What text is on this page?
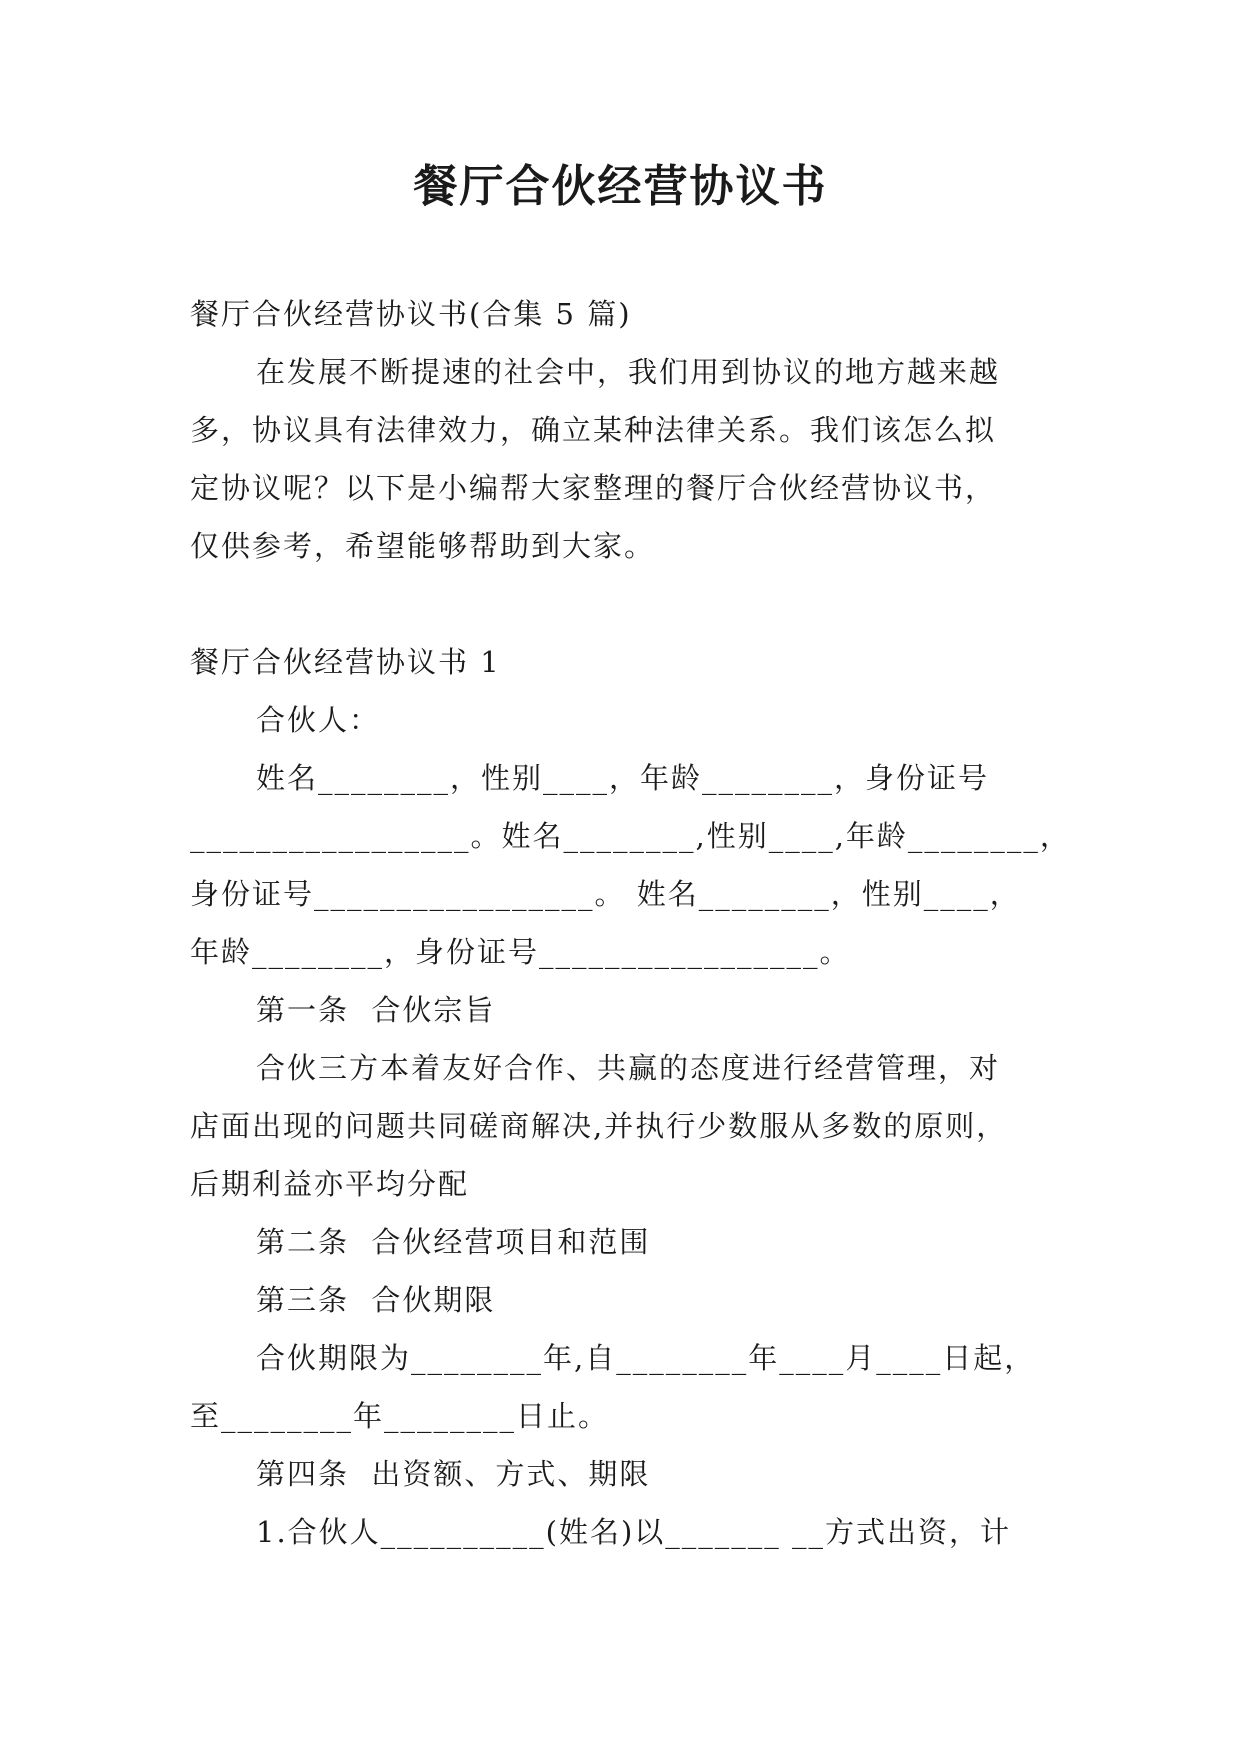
餐厅合伙经营协议书
餐厅合伙经营协议书(合集 5 篇)
在发展不断提速的社会中，我们用到协议的地方越来越
多，协议具有法律效力，确立某种法律关系。我们该怎么拟
定协议呢？以下是小编帮大家整理的餐厅合伙经营协议书，
仅供参考，希望能够帮助到大家。
餐厅合伙经营协议书 1
合伙人：
姓名________，性别____，年龄________，身份证号
_________________。姓名________,性别____,年龄________，
身份证号_________________。 姓名________，性别____，
年龄________，身份证号_________________。
第一条  合伙宗旨
合伙三方本着友好合作、共赢的态度进行经营管理，对
店面出现的问题共同磋商解决,并执行少数服从多数的原则，
后期利益亦平均分配
第二条  合伙经营项目和范围
第三条  合伙期限
合伙期限为________年,自________年____月____日起，
至________年________日止。
第四条  出资额、方式、期限
1.合伙人__________(姓名)以_______ __方式出资，计
